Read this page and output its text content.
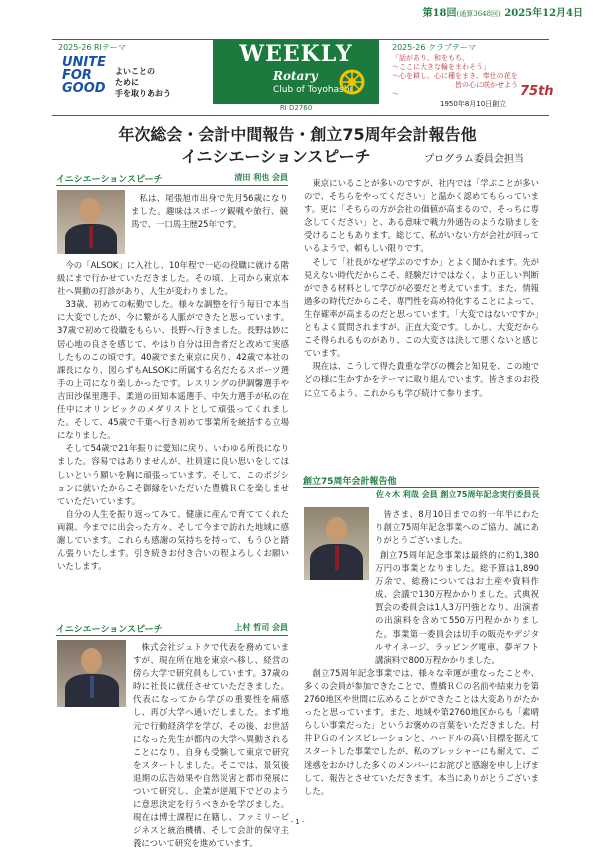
第18回(通算3648回) 2025年12月4日
2025-26 RIテーマ
UNITE
FOR
GOOD
よいことの
ために
手を取りあおう
WEEKLY
Rotary
Club of Toyohashi
RI D2760
2025-26 クラブテーマ
「話があり、和をもち、
～ここに大きな輪をまわそう」
～心を耕し、心に種をまき、奉仕の花を
　　　　　　　　　皆の心に咲かせよう～	75th
1950年8月10日創立
年次総会・会計中間報告・創立75周年会計報告他
イニシエーションスピーチ	プログラム委員会担当
イニシエーションスピーチ	清田 利也 会員

私は、尾張旭市出身で先月56歳になりました。趣味はスポーツ観戦や旅行、競馬で、一口馬主歴25年です。

今の「ALSOK」に入社し、10年程で一応の役職に就ける階級にまで行かせていただきました。その頃、上司から東京本社へ異動の打診があり、人生が変わりました。

33歳、初めての転勤でした。様々な調整を行う毎日で本当に大変でしたが、今に繋がる人脈ができたと思っています。37歳で初めて役職をもらい、長野へ行きました。長野は妙に居心地の良さを感じて、やはり自分は田舎者だと改めて実感したものこの頃です。40歳でまた東京に戻り、42歳で本社の課長になり、図らずもALSOKに所属する名だたるスポーツ選手の上司になり楽しかったです。レスリングの伊調馨選手や吉田沙保里選手、柔道の田知本遥選手、中矢力選手が私の在任中にオリンピックのメダリストとして頑張ってくれました。そして、45歳で千葉へ行き初めて事業所を統括する立場になりました。

そして54歳で21年振りに愛知に戻り、いわゆる所長になりました。容易ではありませんが、社員達に良い思いをしてほしいという願いを胸に頑張っています。そして、このポジションに就いたからこそ御縁をいただいた豊橋ＲＣを楽しませていただいています。

自分の人生を振り返ってみて、健康に産んで育ててくれた両親、今までに出会った方々、そして今まで訪れた地域に感謝しています。これらも感謝の気持ちを持って、もうひと踏ん張りいたします。引き続きお付き合いの程よろしくお願いいたします。

イニシエーションスピーチ	上村 哲司 会員

株式会社ジュトクで代表を務めていますが、現在所在地を東京へ移し、経営の傍ら大学で研究員もしています。37歳の時に社長に就任させていただきました。代表になってから学びの重要性を痛感し、再び大学へ通いだしました。まず地元で行動経済学を学び、その後、お世話になった先生が都内の大学へ異動されることになり、自身も受験して東京で研究をスタートしました。そこでは、景気後退期の広告効果や自然災害と都市発展について研究し、企業が逆風下でどのように意思決定を行うべきかを学びました。現在は博士課程に在籍し、ファミリービジネスと統治機構、そして会計的保守主義について研究を進めています。

東京にいることが多いのですが、社内では「学ぶことが多いので、そちらをやってください」と温かく認めてもらっています。更に「そちらの方が会社の価値が高まるので、そっちに専念してください」と、ある意味で戦力外通告のような励ましを受けることもあります。総じて、私がいない方が会社が回っているようで、頼もしい限りです。

そして「社長がなぜ学ぶのですか」とよく聞かれます。先が見えない時代だからこそ、経験だけではなく、より正しい判断ができる材料として学びが必要だと考えています。また、情報過多の時代だからこそ、専門性を高め特化することによって、生存確率が高まるのだと思っています。「大変ではないですか」ともよく質問されますが、正直大変です。しかし、大変だからこそ得られるものがあり、この大変さは決して悪くないと感じています。

現在は、こうして得た貴重な学びの機会と知見を、この地でどの様に生かすかをテーマに取り組んでいます。皆さまのお役に立てるよう、これからも学び続けて参ります。

創立75周年会計報告他
佐々木 利哉 会員 創立75周年記念実行委員長

皆さま、8月10日までの約一年半にわたり創立75周年記念事業へのご協力、誠にありがとうございました。

創立75周年記念事業は最終的に約1,380万円の事業となりました。総予算は1,890万余で、総務についてはお土産や資料作成、会議で130万程かかりました。式典祝賀会の委員会は1人3万円強となり、出演者の出演料を含めて550万円程かかりました。事業第一委員会は切手の販売やデジタルサイネージ、ラッピング電車、夢ギフト講演料で800万程かかりました。

創立75周年記念事業では、様々な幸運が重なったことや、多くの会員が参加できたことで、豊橋ＲＣの名前や結束力を第2760地区や世間に広めることができたことは大変ありがたかったと思っています。また、地域や第2760地区からも「素晴らしい事業だった」というお褒めの言葉をいただきました。村井ＰＧのインスピレーションと、ハードルの高い目標を据えてスタートした事業でしたが、私のプレッシャーにも耐えて、ご迷惑をおかけした多くのメンバーにお詫びと感謝を申し上げまして、報告とさせていただきます。本当にありがとうございました。

- 1 -
